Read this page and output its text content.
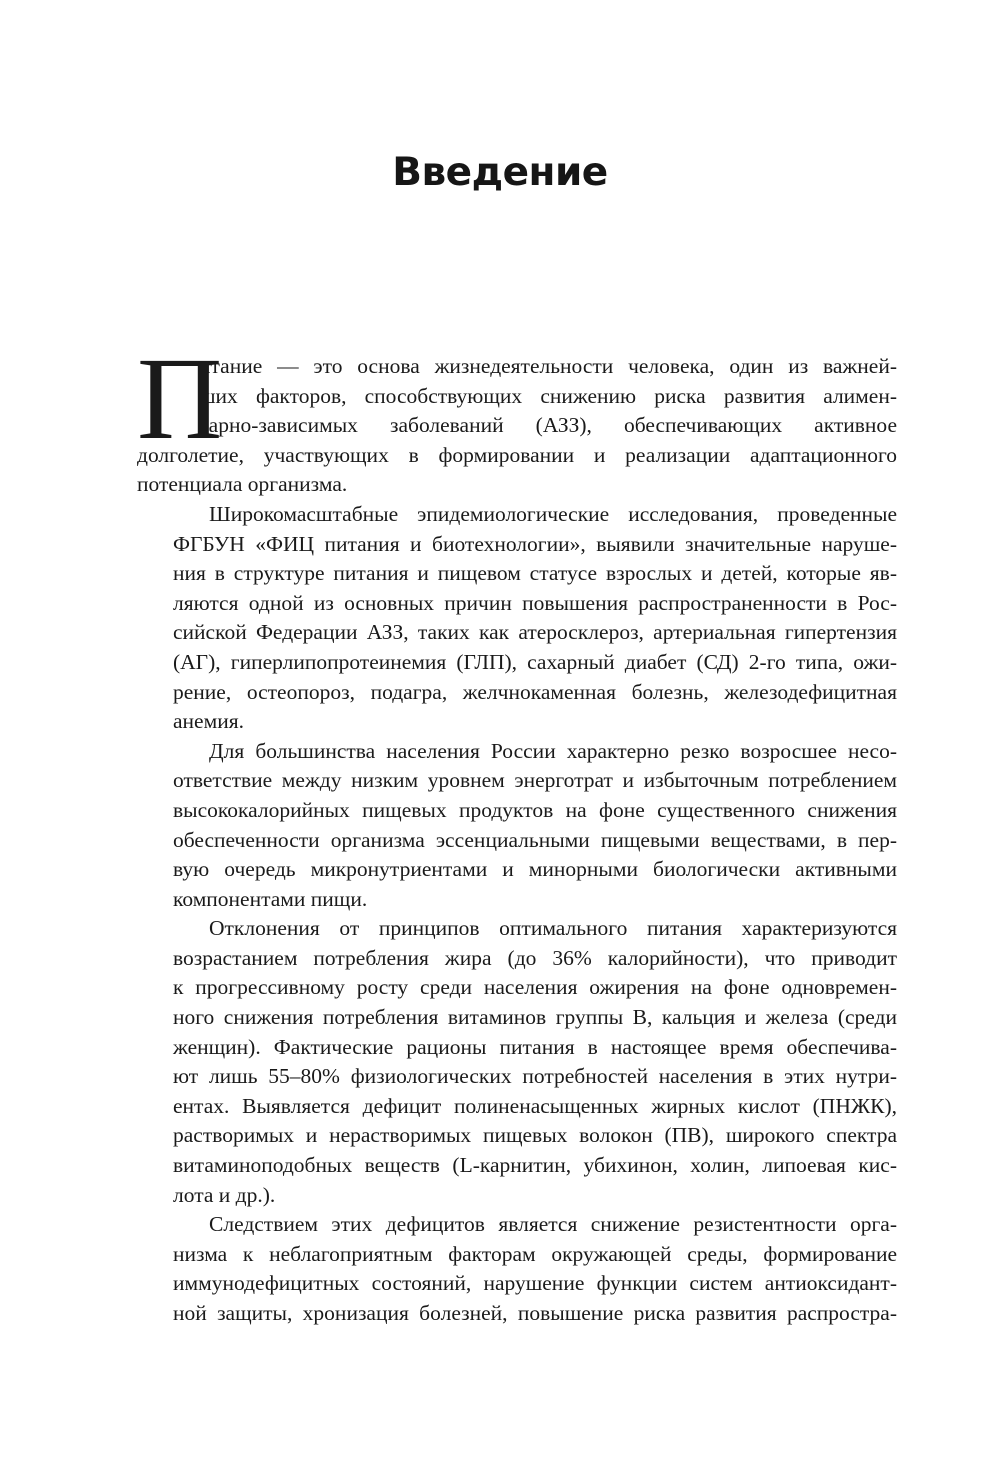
Введение
П
итание — это основа жизнедеятельности человека, один из важней-
ших факторов, способствующих снижению риска развития алимен-
тарно-зависимых заболеваний (АЗЗ), обеспечивающих активное
долголетие, участвующих в формировании и реализации адаптационного
потенциала организма.
Широкомасштабные эпидемиологические исследования, проведенные
ФГБУН «ФИЦ питания и биотехнологии», выявили значительные наруше-
ния в структуре питания и пищевом статусе взрослых и детей, которые яв-
ляются одной из основных причин повышения распространенности в Рос-
сийской Федерации АЗЗ, таких как атеросклероз, артериальная гипертензия
(АГ), гиперлипопротеинемия (ГЛП), сахарный диабет (СД) 2-го типа, ожи-
рение, остеопороз, подагра, желчнокаменная болезнь, железодефицитная
анемия.
Для большинства населения России характерно резко возросшее несо-
ответствие между низким уровнем энерготрат и избыточным потреблением
высококалорийных пищевых продуктов на фоне существенного снижения
обеспеченности организма эссенциальными пищевыми веществами, в пер-
вую очередь микронутриентами и минорными биологически активными
компонентами пищи.
Отклонения от принципов оптимального питания характеризуются
возрастанием потребления жира (до 36% калорийности), что приводит
к прогрессивному росту среди населения ожирения на фоне одновремен-
ного снижения потребления витаминов группы В, кальция и железа (среди
женщин). Фактические рационы питания в настоящее время обеспечива-
ют лишь 55–80% физиологических потребностей населения в этих нутри-
ентах. Выявляется дефицит полиненасыщенных жирных кислот (ПНЖК),
растворимых и нерастворимых пищевых волокон (ПВ), широкого спектра
витаминоподобных веществ (L-карнитин, убихинон, холин, липоевая кис-
лота и др.).
Следствием этих дефицитов является снижение резистентности орга-
низма к неблагоприятным факторам окружающей среды, формирование
иммунодефицитных состояний, нарушение функции систем антиоксидант-
ной защиты, хронизация болезней, повышение риска развития распростра-
